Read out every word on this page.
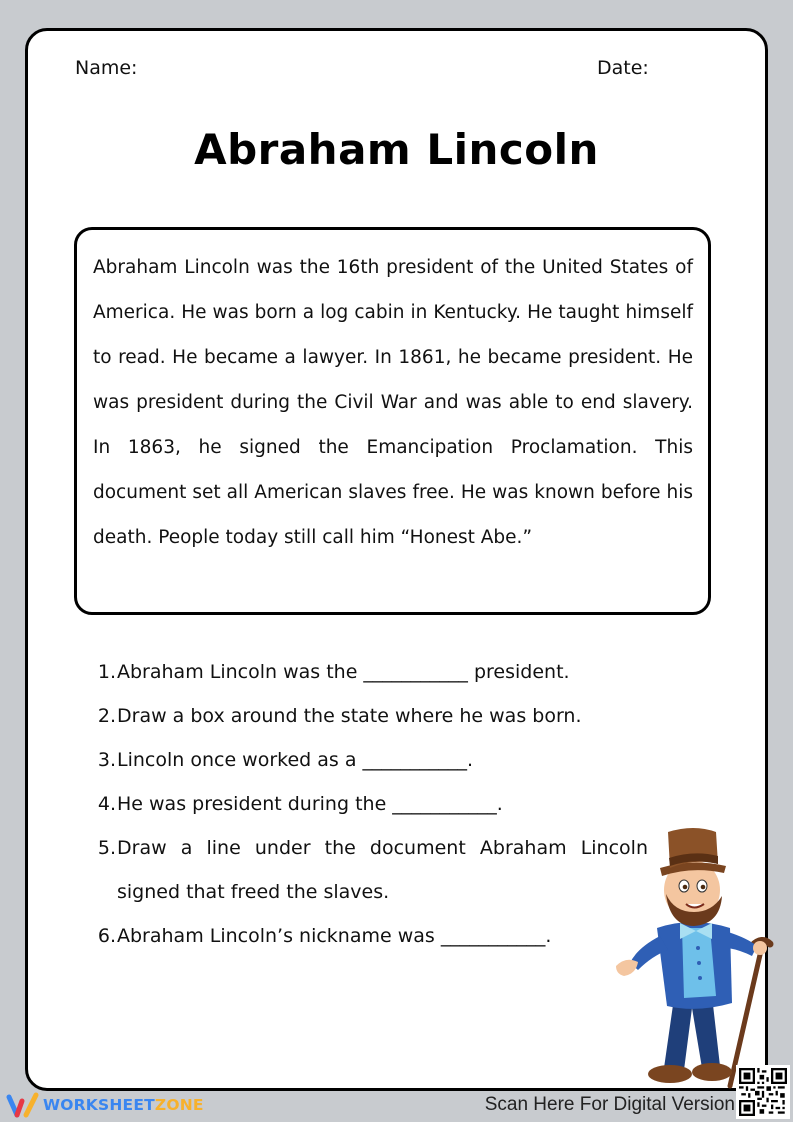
Name:	Date:
Abraham Lincoln

Abraham Lincoln was the 16th president of the United States of America. He was born a log cabin in Kentucky. He taught himself to read. He became a lawyer. In 1861, he became president. He was president during the Civil War and was able to end slavery. In 1863, he signed the Emancipation Proclamation. This document set all American slaves free. He was known before his death. People today still call him “Honest Abe.”

1. Abraham Lincoln was the ___________ president.
2. Draw a box around the state where he was born.
3. Lincoln once worked as a ___________.
4. He was president during the ___________.
5. Draw a line under the document Abraham Lincoln signed that freed the slaves.
6. Abraham Lincoln’s nickname was ___________.
WORKSHEETZONE	Scan Here For Digital Version
